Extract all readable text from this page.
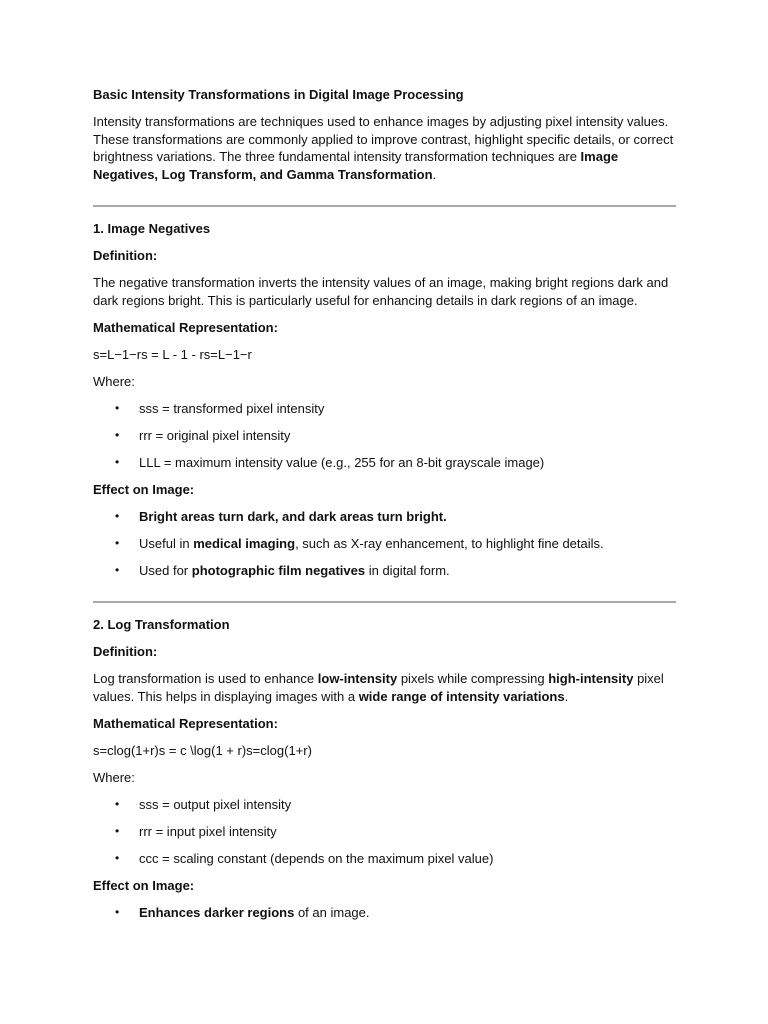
Basic Intensity Transformations in Digital Image Processing

Intensity transformations are techniques used to enhance images by adjusting pixel intensity values. These transformations are commonly applied to improve contrast, highlight specific details, or correct brightness variations. The three fundamental intensity transformation techniques are Image Negatives, Log Transform, and Gamma Transformation.

1. Image Negatives

Definition:

The negative transformation inverts the intensity values of an image, making bright regions dark and dark regions bright. This is particularly useful for enhancing details in dark regions of an image.

Mathematical Representation:

s=L−1−rs = L - 1 - rs=L−1−r

Where:

• sss = transformed pixel intensity
• rrr = original pixel intensity
• LLL = maximum intensity value (e.g., 255 for an 8-bit grayscale image)

Effect on Image:

• Bright areas turn dark, and dark areas turn bright.
• Useful in medical imaging, such as X-ray enhancement, to highlight fine details.
• Used for photographic film negatives in digital form.

2. Log Transformation

Definition:

Log transformation is used to enhance low-intensity pixels while compressing high-intensity pixel values. This helps in displaying images with a wide range of intensity variations.

Mathematical Representation:

s=clog⁡(1+r)s = c \log(1 + r)s=clog(1+r)

Where:

• sss = output pixel intensity
• rrr = input pixel intensity
• ccc = scaling constant (depends on the maximum pixel value)

Effect on Image:

• Enhances darker regions of an image.
